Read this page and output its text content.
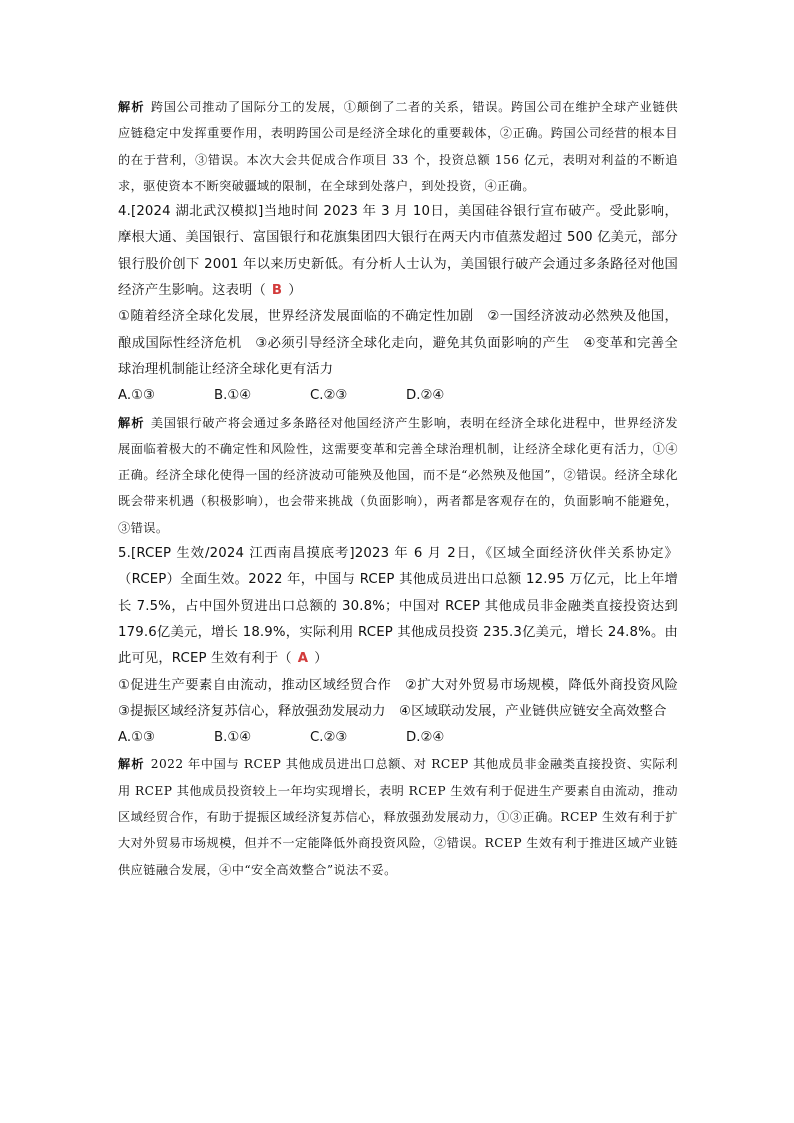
解析 跨国公司推动了国际分工的发展，①颠倒了二者的关系，错误。跨国公司在维护全球产业链供应链稳定中发挥重要作用，表明跨国公司是经济全球化的重要载体，②正确。跨国公司经营的根本目的在于营利，③错误。本次大会共促成合作项目 33 个，投资总额 156 亿元，表明对利益的不断追求，驱使资本不断突破疆域的限制，在全球到处落户，到处投资，④正确。

4.[2024 湖北武汉模拟]当地时间 2023 年 3 月 10日，美国硅谷银行宣布破产。受此影响，摩根大通、美国银行、富国银行和花旗集团四大银行在两天内市值蒸发超过 500 亿美元，部分银行股价创下 2001 年以来历史新低。有分析人士认为，美国银行破产会通过多条路径对他国经济产生影响。这表明（ B ）

①随着经济全球化发展，世界经济发展面临的不确定性加剧　②一国经济波动必然殃及他国，酿成国际性经济危机　③必须引导经济全球化走向，避免其负面影响的产生　④变革和完善全球治理机制能让经济全球化更有活力

A.①③	B.①④	C.②③	D.②④

解析 美国银行破产将会通过多条路径对他国经济产生影响，表明在经济全球化进程中，世界经济发展面临着极大的不确定性和风险性，这需要变革和完善全球治理机制，让经济全球化更有活力，①④正确。经济全球化使得一国的经济波动可能殃及他国，而不是“必然殃及他国”，②错误。经济全球化既会带来机遇（积极影响），也会带来挑战（负面影响），两者都是客观存在的，负面影响不能避免，③错误。

5.[RCEP 生效/2024 江西南昌摸底考]2023 年 6 月 2日，《区域全面经济伙伴关系协定》（RCEP）全面生效。2022 年，中国与 RCEP 其他成员进出口总额 12.95 万亿元，比上年增长 7.5%，占中国外贸进出口总额的 30.8%；中国对 RCEP 其他成员非金融类直接投资达到 179.6亿美元，增长 18.9%，实际利用 RCEP 其他成员投资 235.3亿美元，增长 24.8%。由此可见，RCEP 生效有利于（ A ）

①促进生产要素自由流动，推动区域经贸合作　②扩大对外贸易市场规模，降低外商投资风险　③提振区域经济复苏信心，释放强劲发展动力　④区域联动发展，产业链供应链安全高效整合

A.①③	B.①④	C.②③	D.②④

解析 2022 年中国与 RCEP 其他成员进出口总额、对 RCEP 其他成员非金融类直接投资、实际利用 RCEP 其他成员投资较上一年均实现增长，表明 RCEP 生效有利于促进生产要素自由流动，推动区域经贸合作，有助于提振区域经济复苏信心，释放强劲发展动力，①③正确。RCEP 生效有利于扩大对外贸易市场规模，但并不一定能降低外商投资风险，②错误。RCEP 生效有利于推进区域产业链供应链融合发展，④中“安全高效整合”说法不妥。
